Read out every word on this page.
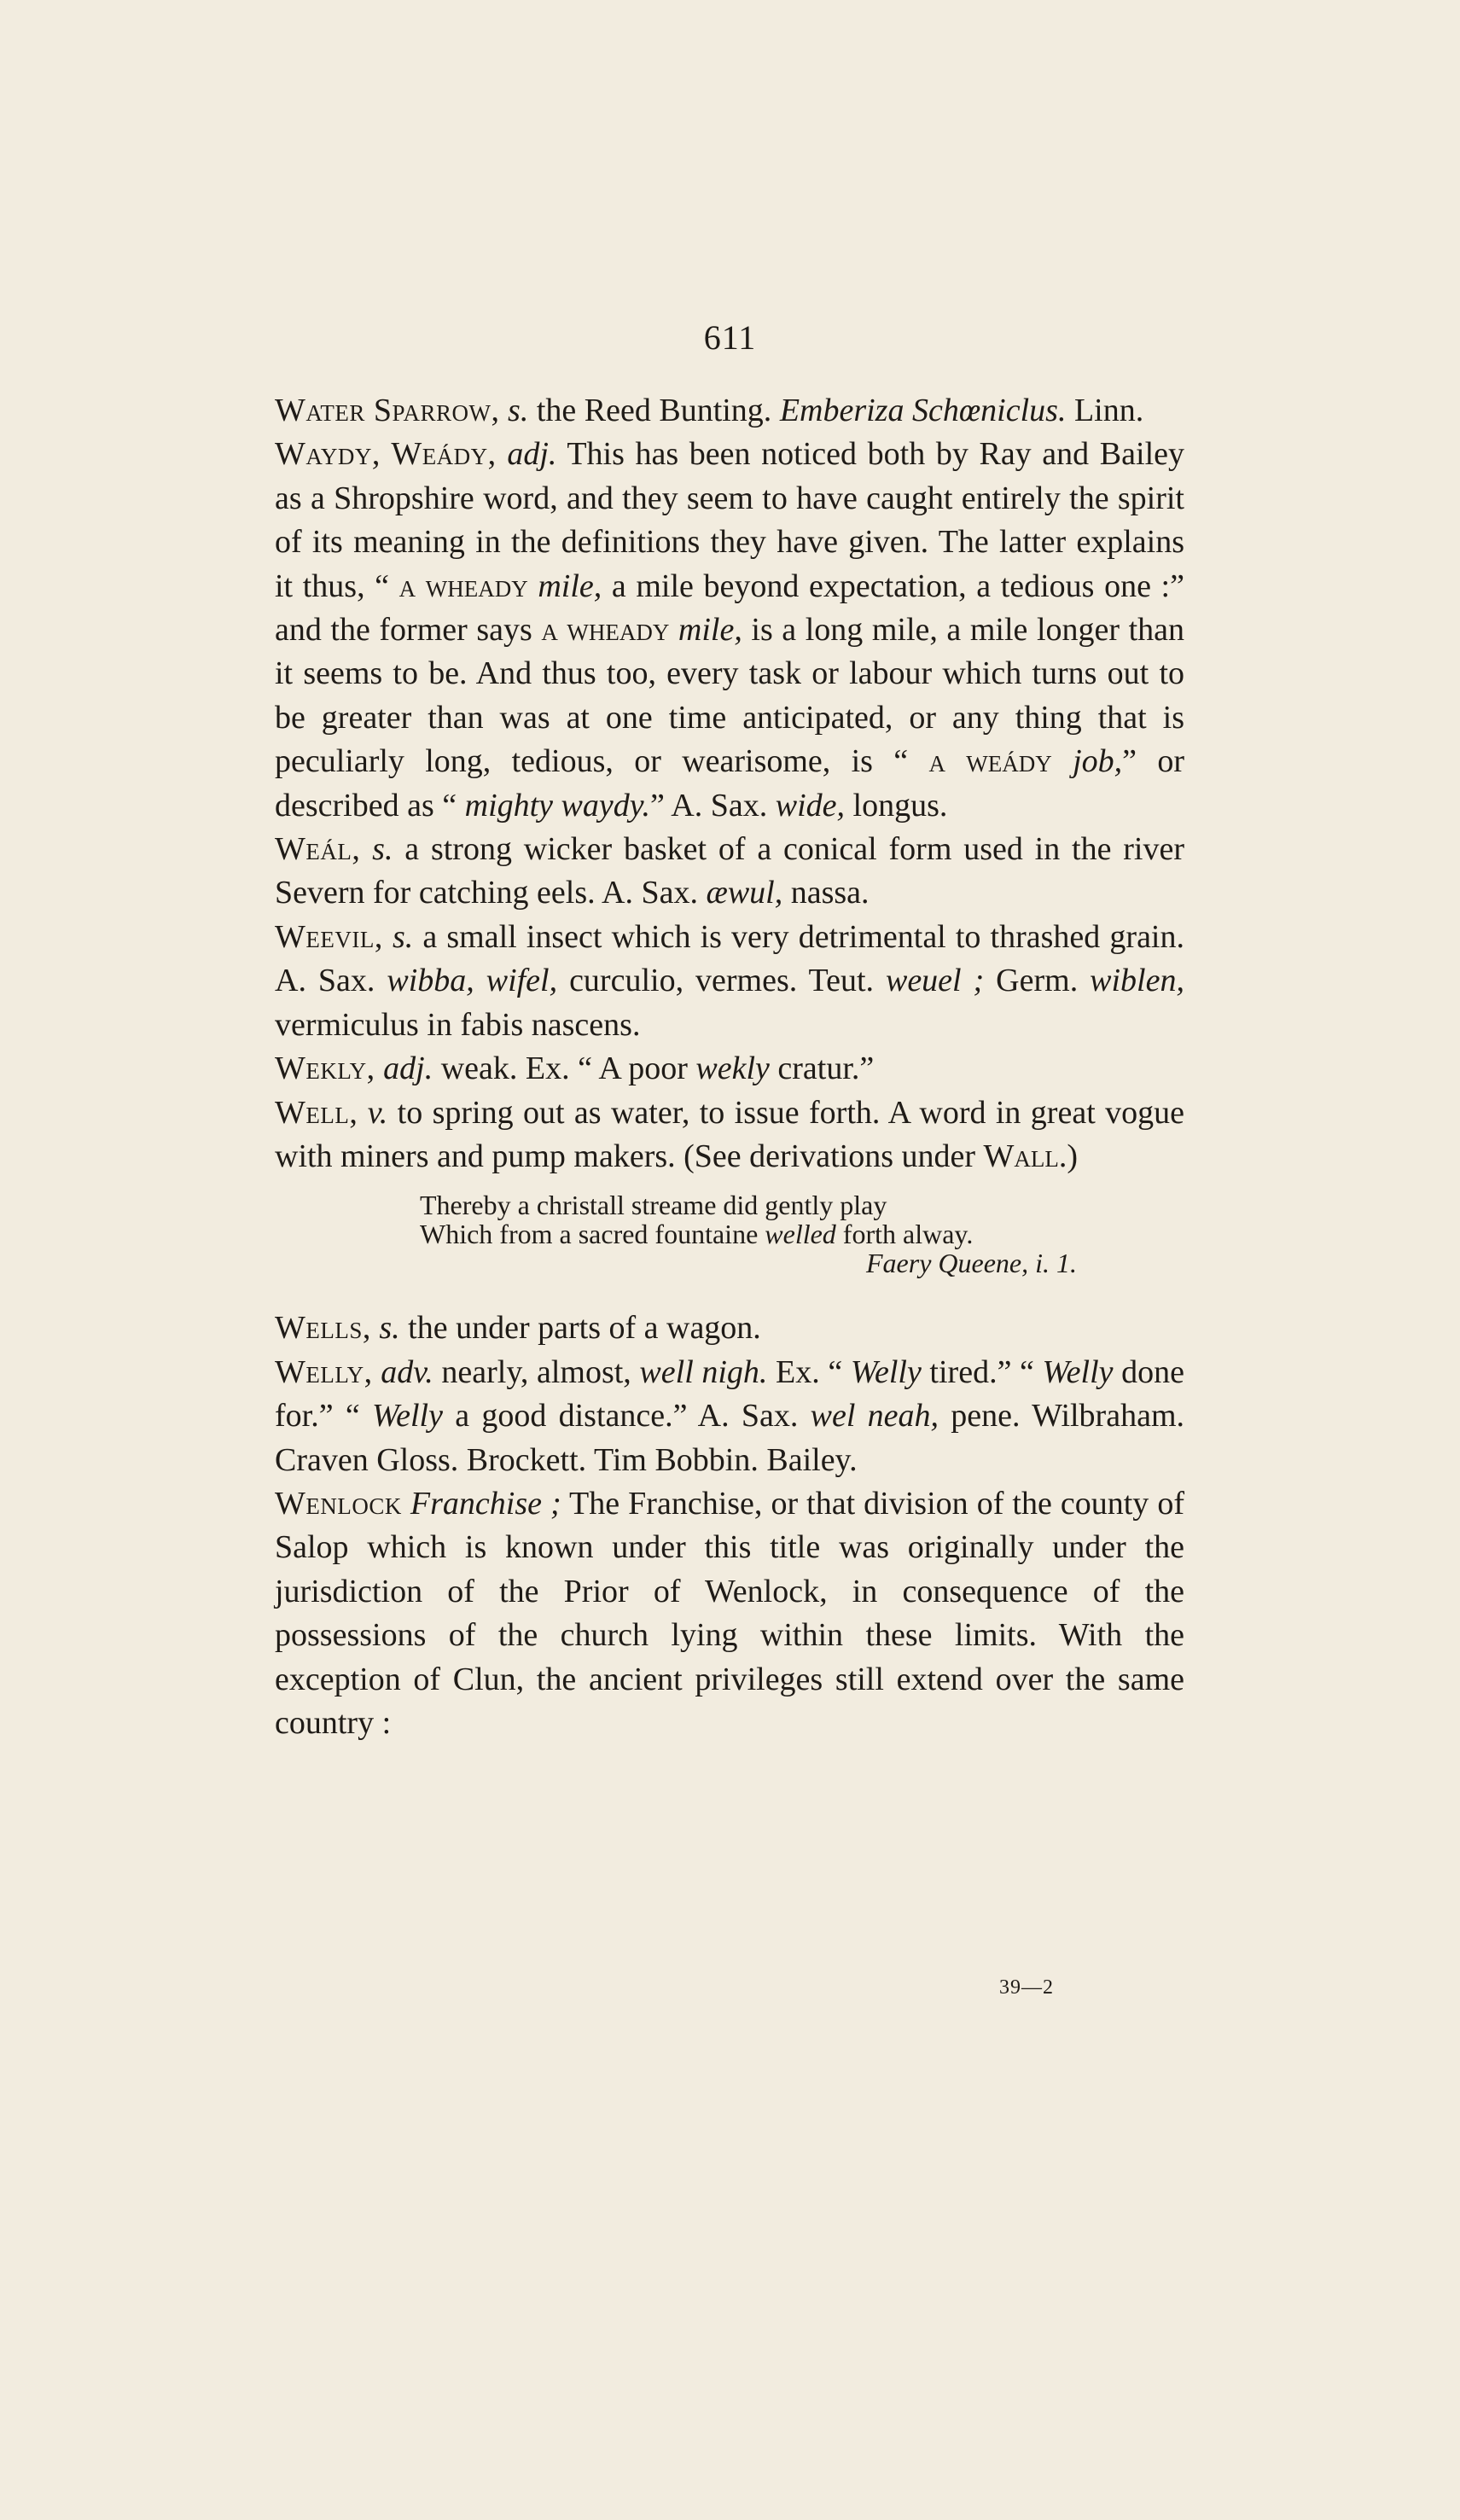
611

Water Sparrow, s. the Reed Bunting. Emberiza Schœniclus. Linn.

Waydy, Weády, adj. This has been noticed both by Ray and Bailey as a Shropshire word, and they seem to have caught entirely the spirit of its meaning in the definitions they have given. The latter explains it thus, “ a wheady mile, a mile beyond expectation, a tedious one :” and the former says a wheady mile, is a long mile, a mile longer than it seems to be. And thus too, every task or labour which turns out to be greater than was at one time anticipated, or any thing that is peculiarly long, tedious, or wearisome, is “ a weády job,” or described as “ mighty waydy.” A. Sax. wide, longus.

Weál, s. a strong wicker basket of a conical form used in the river Severn for catching eels. A. Sax. æwul, nassa.

Weevil, s. a small insect which is very detrimental to thrashed grain. A. Sax. wibba, wifel, curculio, vermes. Teut. weuel ; Germ. wiblen, vermiculus in fabis nascens.

Wekly, adj. weak. Ex. “ A poor wekly cratur.”

Well, v. to spring out as water, to issue forth. A word in great vogue with miners and pump makers. (See derivations under Wall.)

Thereby a christall streame did gently play
Which from a sacred fountaine welled forth alway.
Faery Queene, i. 1.

Wells, s. the under parts of a wagon.

Welly, adv. nearly, almost, well nigh. Ex. “ Welly tired.” “ Welly done for.” “ Welly a good distance.” A. Sax. wel neah, pene. Wilbraham. Craven Gloss. Brockett. Tim Bobbin. Bailey.

Wenlock Franchise ; The Franchise, or that division of the county of Salop which is known under this title was originally under the jurisdiction of the Prior of Wenlock, in consequence of the possessions of the church lying within these limits. With the exception of Clun, the ancient privileges still extend over the same country :

39—2
